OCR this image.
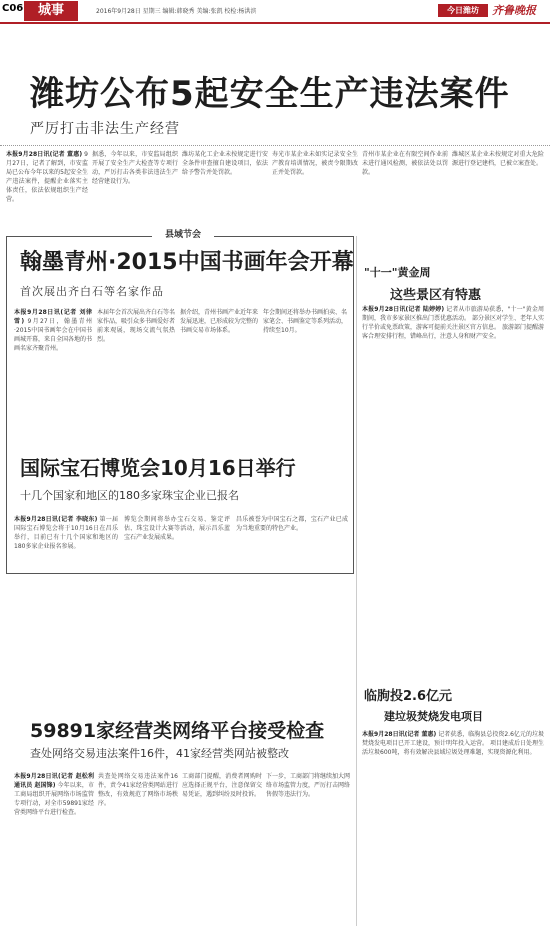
C06	城事	2016年9月28日 星期三 编辑:韩晓秀 美编:张凯 校检:杨洪滨	今日潍坊	齐鲁晚报
潍坊公布5起安全生产违法案件
严厉打击非法生产经营
本报9月28日讯(记者 董惠) 9月27日，记者了解到，市安监局已公布今年以来的5起安全生产违法案件，提醒企业落实主体责任，依法依规组织生产经营。
据悉，今年以来，市安监局组织开展了安全生产大检查等专项行动，严厉打击各类非法违法生产经营建设行为。
潍坊某化工企业未按规定进行安全条件审查擅自建设项目，依法给予警告并处罚款。
寿光市某企业未如实记录安全生产教育培训情况，被责令限期改正并处罚款。
青州市某企业在有限空间作业前未进行通风检测，被依法处以罚款。
潍城区某企业未按规定对重大危险源进行登记建档，已被立案查处。
县域节会
翰墨青州·2015中国书画年会开幕
首次展出齐白石等名家作品
本报9月28日讯(记者 刘律雪) 9月27日，翰墨青州·2015中国书画年会在中国书画城开幕，来自全国各地的书画名家齐聚青州。
本届年会首次展出齐白石等名家作品，吸引众多书画爱好者前来观展，现场交流气氛热烈。
据介绍，青州书画产业近年来发展迅速，已形成较为完整的书画交易市场体系。
年会期间还将举办书画拍卖、名家笔会、书画鉴定等系列活动，持续至10月。
国际宝石博览会10月16日举行
十几个国家和地区的180多家珠宝企业已报名
本报9月28日讯(记者 李晓东) 第一届国际宝石博览会将于10月16日在昌乐举行，目前已有十几个国家和地区的180多家企业报名参展。
博览会期间将举办宝石交易、鉴定评估、珠宝设计大赛等活动，展示昌乐蓝宝石产业发展成果。
昌乐被誉为中国宝石之都，宝石产业已成为当地重要的特色产业。
59891家经营类网络平台接受检查
查处网络交易违法案件16件，41家经营类网站被整改
本报9月28日讯(记者 赵松利 通讯员 赵国锋) 今年以来，市工商局组织开展网络市场监管专项行动，对全市59891家经营类网络平台进行检查。
共查处网络交易违法案件16件，责令41家经营类网站进行整改，有效规范了网络市场秩序。
工商部门提醒，消费者网购时应选择正规平台，注意保留交易凭证，遇到纠纷及时投诉。
下一步，工商部门将继续加大网络市场监管力度，严厉打击网络售假等违法行为。
"十一"黄金周
这些景区有特惠
本报9月28日讯(记者 陆婷婷) 记者从市旅游局获悉，"十一"黄金周期间，我市多家景区推出门票优惠活动。 部分景区对学生、老年人实行半价或免票政策，游客可提前关注景区官方信息。 旅游部门提醒游客合理安排行程，错峰出行，注意人身和财产安全。
临朐投2.6亿元
建垃圾焚烧发电项目
本报9月28日讯(记者 董惠) 记者获悉，临朐县总投资2.6亿元的垃圾焚烧发电项目已开工建设，预计明年投入运营。 项目建成后日处理生活垃圾600吨，将有效解决县域垃圾处理难题，实现资源化利用。
